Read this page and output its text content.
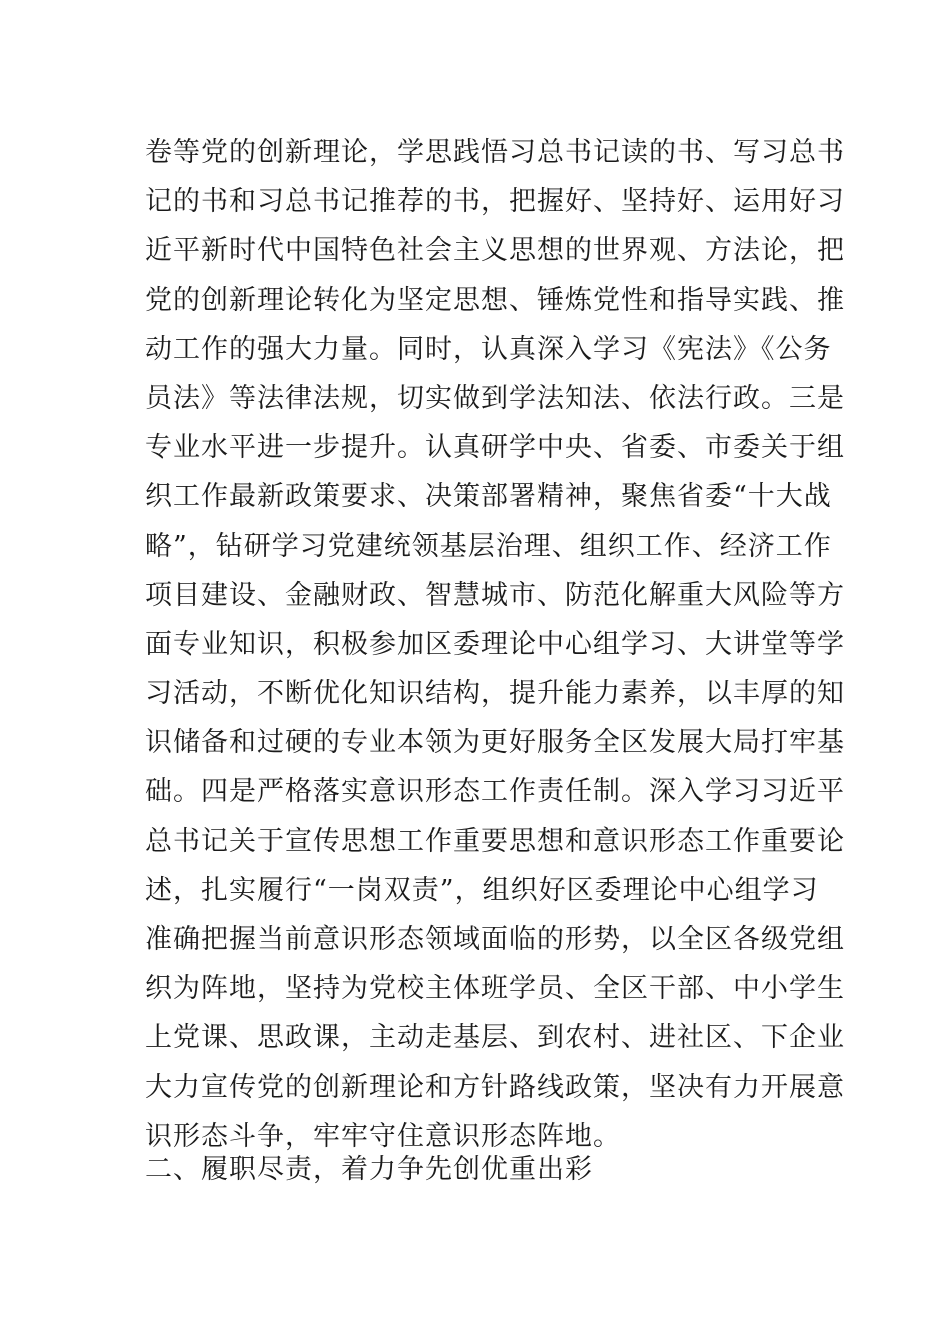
卷等党的创新理论，学思践悟习总书记读的书、写习总书
记的书和习总书记推荐的书，把握好、坚持好、运用好习
近平新时代中国特色社会主义思想的世界观、方法论，把
党的创新理论转化为坚定思想、锤炼党性和指导实践、推
动工作的强大力量。同时，认真深入学习《宪法》《公务
员法》等法律法规，切实做到学法知法、依法行政。三是
专业水平进一步提升。认真研学中央、省委、市委关于组
织工作最新政策要求、决策部署精神，聚焦省委“十大战
略”，钻研学习党建统领基层治理、组织工作、经济工作
项目建设、金融财政、智慧城市、防范化解重大风险等方
面专业知识，积极参加区委理论中心组学习、大讲堂等学
习活动，不断优化知识结构，提升能力素养，以丰厚的知
识储备和过硬的专业本领为更好服务全区发展大局打牢基
础。四是严格落实意识形态工作责任制。深入学习习近平
总书记关于宣传思想工作重要思想和意识形态工作重要论
述，扎实履行“一岗双责”，组织好区委理论中心组学习
准确把握当前意识形态领域面临的形势，以全区各级党组
织为阵地，坚持为党校主体班学员、全区干部、中小学生
上党课、思政课，主动走基层、到农村、进社区、下企业
大力宣传党的创新理论和方针路线政策，坚决有力开展意
识形态斗争，牢牢守住意识形态阵地。
二、履职尽责，着力争先创优重出彩
